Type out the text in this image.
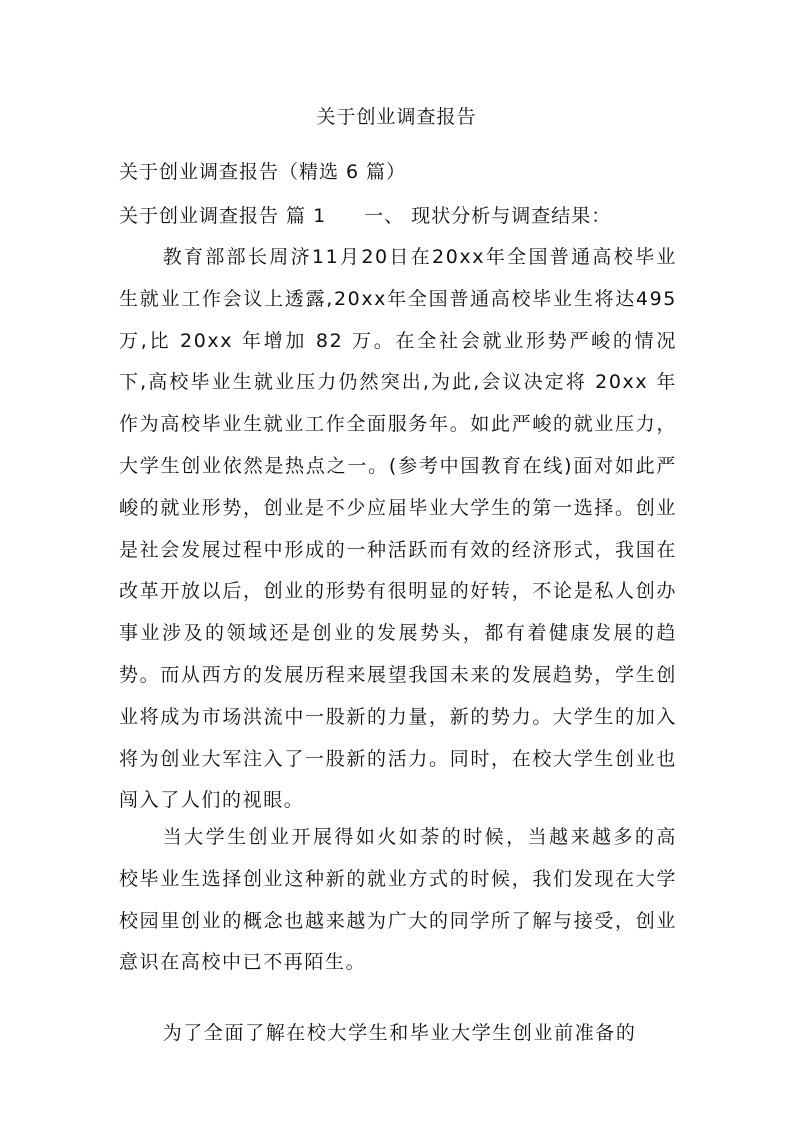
关于创业调查报告
关于创业调查报告（精选 6 篇）
关于创业调查报告 篇 1 一、 现状分析与调查结果：
教育部部长周济11月20日在20xx年全国普通高校毕业生就业工作会议上透露,20xx年全国普通高校毕业生将达495万,比 20xx 年增加 82 万。在全社会就业形势严峻的情况下,高校毕业生就业压力仍然突出,为此,会议决定将 20xx 年作为高校毕业生就业工作全面服务年。如此严峻的就业压力，大学生创业依然是热点之一。(参考中国教育在线)面对如此严峻的就业形势，创业是不少应届毕业大学生的第一选择。创业是社会发展过程中形成的一种活跃而有效的经济形式，我国在改革开放以后，创业的形势有很明显的好转，不论是私人创办事业涉及的领域还是创业的发展势头，都有着健康发展的趋势。而从西方的发展历程来展望我国未来的发展趋势，学生创业将成为市场洪流中一股新的力量，新的势力。大学生的加入将为创业大军注入了一股新的活力。同时，在校大学生创业也闯入了人们的视眼。
当大学生创业开展得如火如荼的时候，当越来越多的高校毕业生选择创业这种新的就业方式的时候，我们发现在大学校园里创业的概念也越来越为广大的同学所了解与接受，创业意识在高校中已不再陌生。
为了全面了解在校大学生和毕业大学生创业前准备的
